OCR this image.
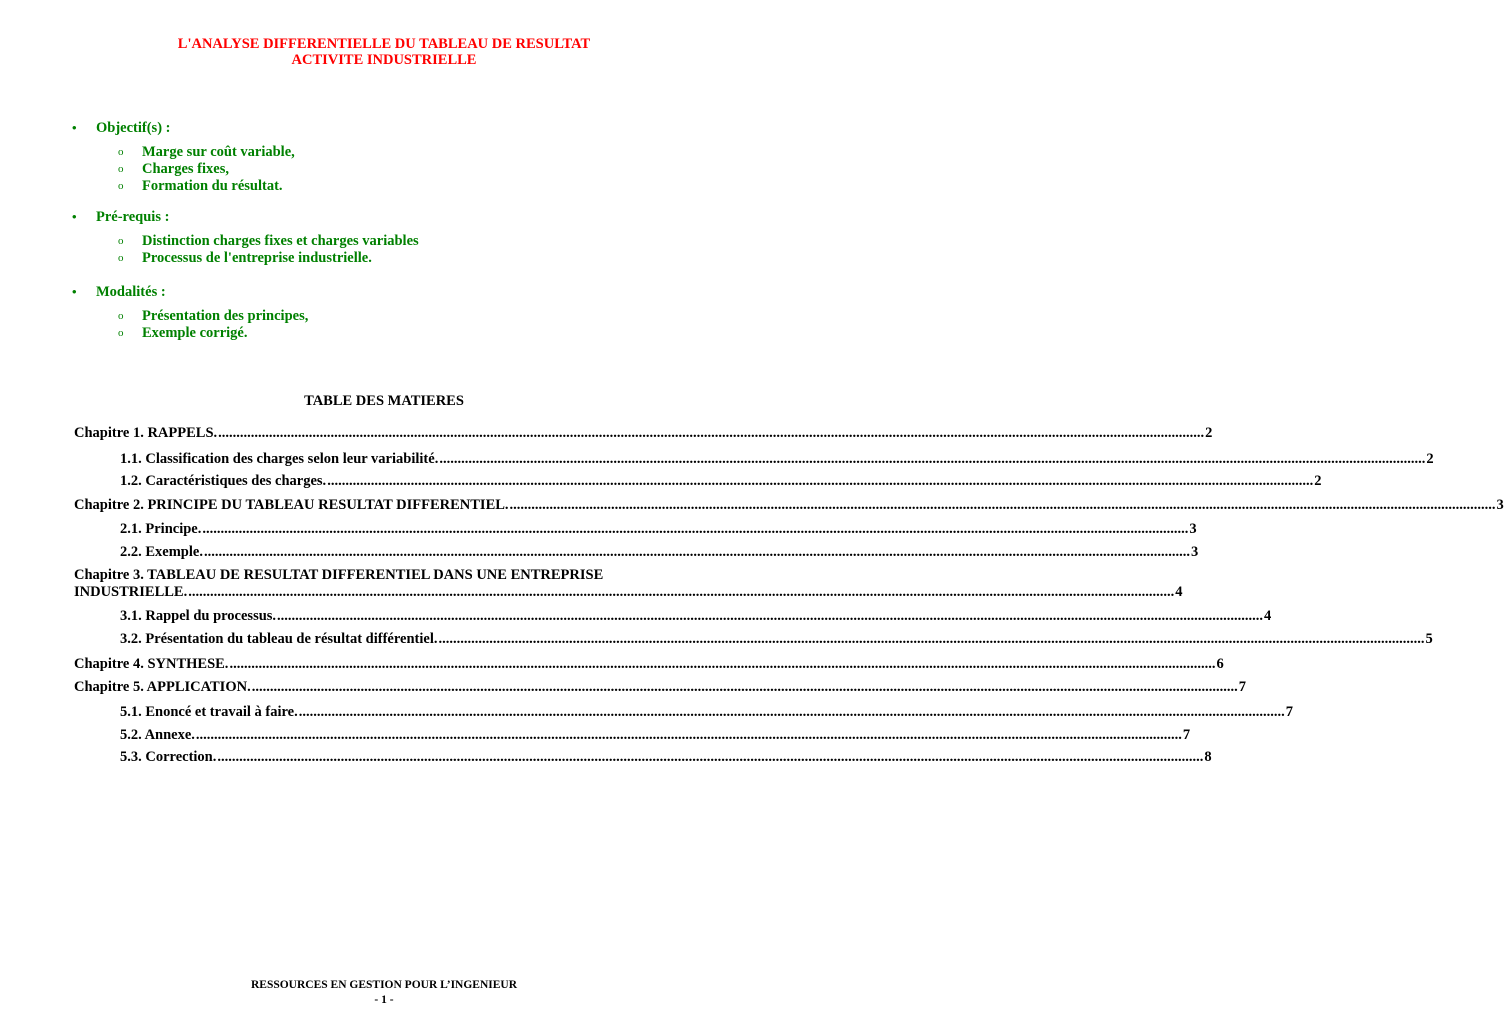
L'ANALYSE DIFFERENTIELLE DU TABLEAU DE RESULTAT
ACTIVITE INDUSTRIELLE
•	Objectif(s) :
o Marge sur coût variable,
o Charges fixes,
o Formation du résultat.
•	Pré-requis :
o Distinction charges fixes et charges variables
o Processus de l'entreprise industrielle.
•	Modalités :
o Présentation des principes,
o Exemple corrigé.
TABLE DES MATIERES
Chapitre 1. RAPPELS. .....	2
1.1. Classification des charges selon leur variabilité. .....	2
1.2. Caractéristiques des charges. .....	2
Chapitre 2. PRINCIPE DU TABLEAU RESULTAT DIFFERENTIEL. .....	3
2.1. Principe. .....	3
2.2. Exemple. .....	3
Chapitre 3. TABLEAU DE RESULTAT DIFFERENTIEL DANS UNE ENTREPRISE
INDUSTRIELLE. ................................................................................................................................................................................................................................................................................ 4
3.1. Rappel du processus. .....	4
3.2. Présentation du tableau de résultat différentiel. .....	5
Chapitre 4. SYNTHESE. .....	6
Chapitre 5. APPLICATION. .....	7
5.1. Enoncé et travail à faire. .....	7
5.2. Annexe. .....	7
5.3. Correction. .....	8
RESSOURCES EN GESTION POUR L’INGENIEUR
- 1 -
